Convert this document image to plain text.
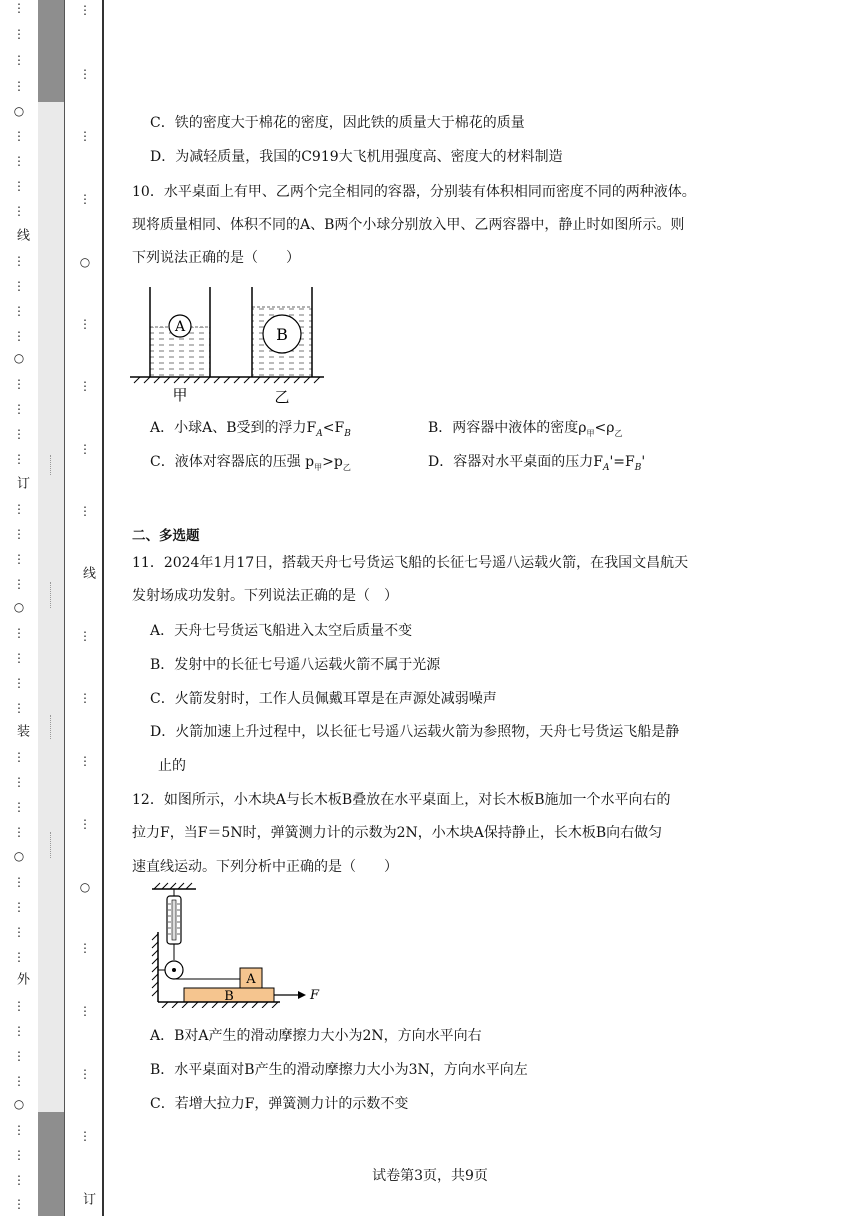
⋮
⋮
⋮
⋮
○
⋮
⋮
⋮
⋮
线
⋮
⋮
⋮
⋮
○
⋮
⋮
⋮
⋮
订
⋮
⋮
⋮
⋮
○
⋮
⋮
⋮
⋮
装
⋮
⋮
⋮
⋮
○
⋮
⋮
⋮
⋮
外
⋮
⋮
⋮
⋮
○
⋮
⋮
⋮
⋮
⋮
⋮
⋮
⋮
○
⋮
⋮
⋮
⋮
线
⋮
⋮
⋮
⋮
○
⋮
⋮
⋮
⋮
订
C．铁的密度大于棉花的密度，因此铁的质量大于棉花的质量
D．为减轻质量，我国的C919大飞机用强度高、密度大的材料制造
10．水平桌面上有甲、乙两个完全相同的容器，分别装有体积相同而密度不同的两种液体。
现将质量相同、体积不同的A、B两个小球分别放入甲、乙两容器中，静止时如图所示。则
下列说法正确的是（　　）
A	B
甲	乙
A．小球A、B受到的浮力$F_A<F_B$	B．两容器中液体的密度$\rho_甲<\rho_乙$
C．液体对容器底的压强 $p_甲>p_乙$	D．容器对水平桌面的压力$F_A'=F_B'$
二、多选题
11．2024年1月17日，搭载天舟七号货运飞船的长征七号遥八运载火箭，在我国文昌航天
发射场成功发射。下列说法正确的是（　）
A．天舟七号货运飞船进入太空后质量不变
B．发射中的长征七号遥八运载火箭不属于光源
C．火箭发射时，工作人员佩戴耳罩是在声源处减弱噪声
D．火箭加速上升过程中，以长征七号遥八运载火箭为参照物，天舟七号货运飞船是静
止的
12．如图所示，小木块A与长木板B叠放在水平桌面上，对长木板B施加一个水平向右的
拉力F，当F＝5N时，弹簧测力计的示数为2N，小木块A保持静止，长木板B向右做匀
速直线运动。下列分析中正确的是（　　）
A
B	F
A．B对A产生的滑动摩擦力大小为2N，方向水平向右
B．水平桌面对B产生的滑动摩擦力大小为3N，方向水平向左
C．若增大拉力F，弹簧测力计的示数不变
试卷第3页，共9页
